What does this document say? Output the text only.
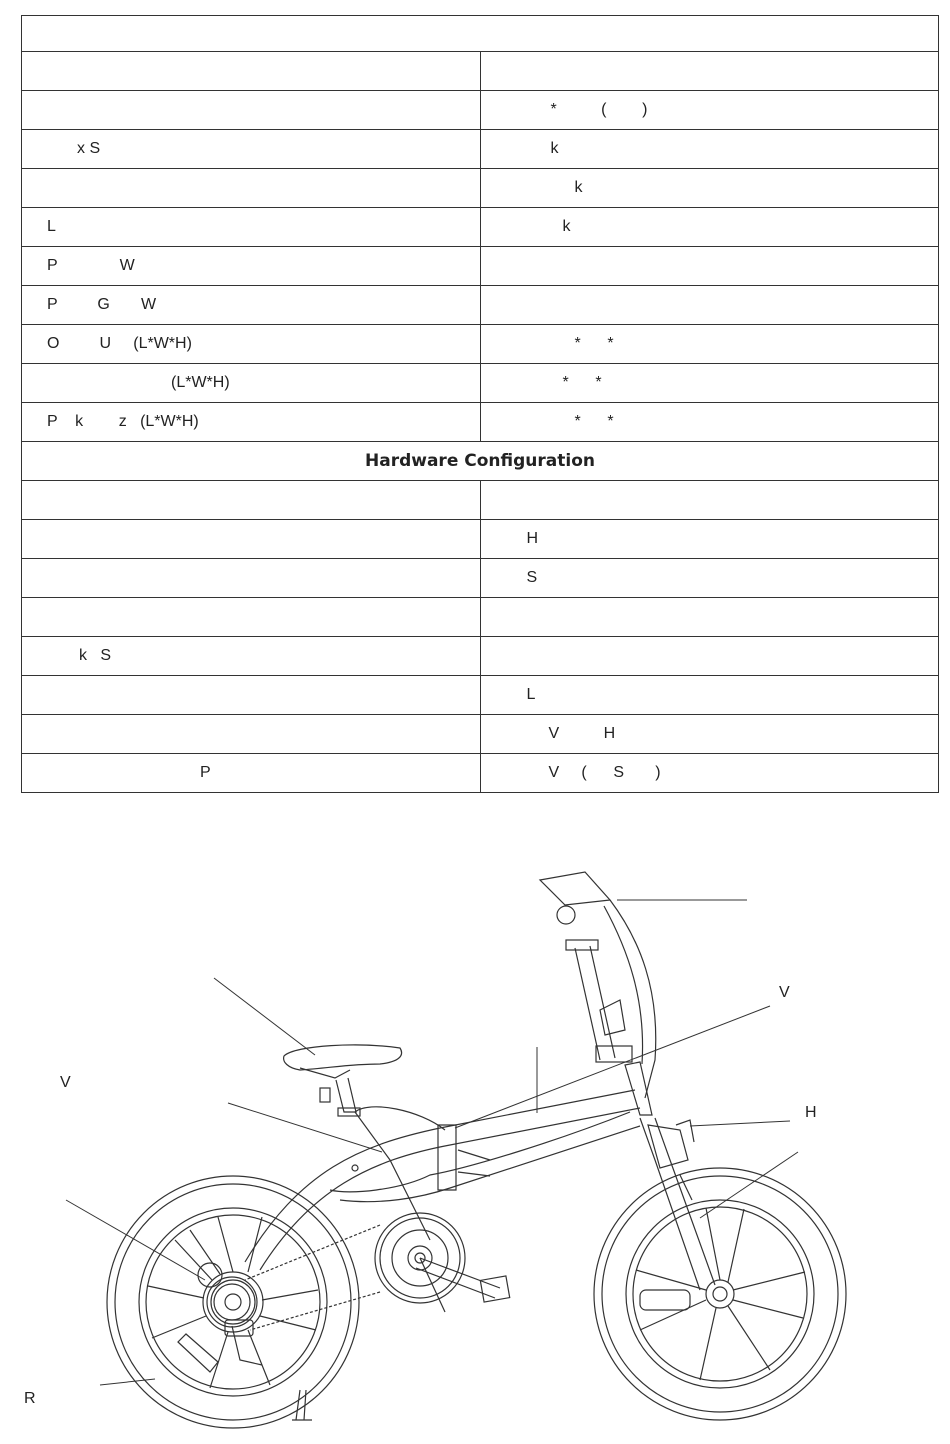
	*          (        )
x S	k
	k
L	k
P              W	
P         G       W	
O         U     (L*W*H)	*      *
(L*W*H)	*      *
P    k        z   (L*W*H)	*      *
Hardware Configuration	

	H
	S

k   S	
	L
	V          H
P	V     (      S       )
V
V
H
R
